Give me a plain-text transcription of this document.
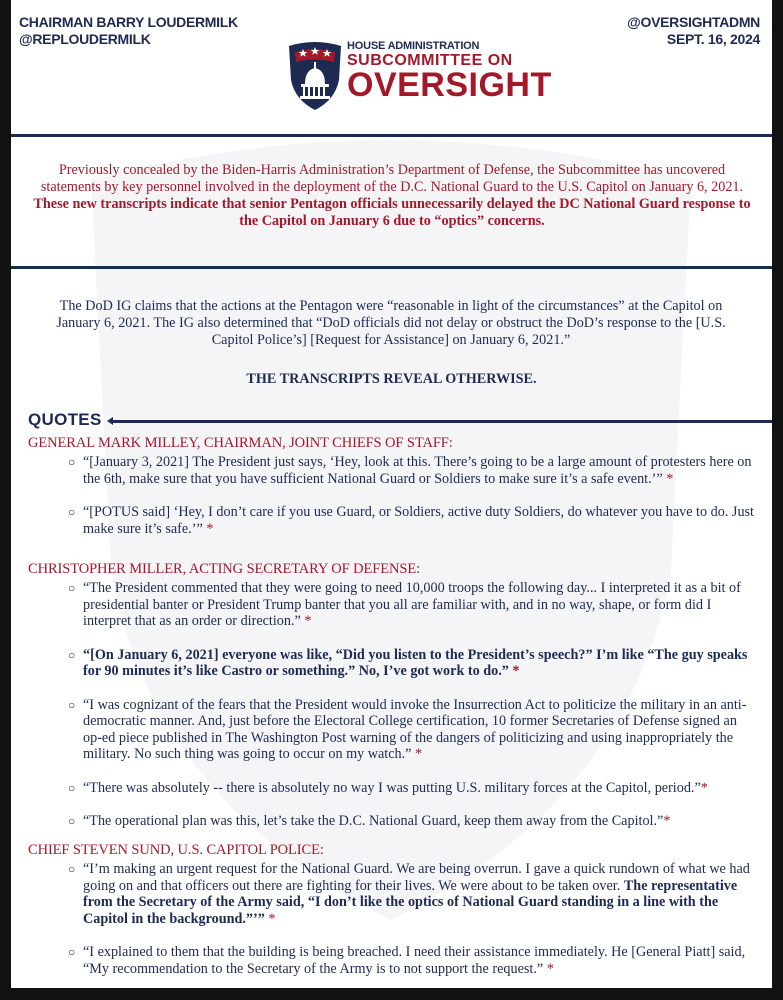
CHAIRMAN BARRY LOUDERMILK
@REPLOUDERMILK
@OVERSIGHTADMN
SEPT. 16, 2024
HOUSE ADMINISTRATION
SUBCOMMITTEE ON
OVERSIGHT
Previously concealed by the Biden-Harris Administration’s Department of Defense, the Subcommittee has uncovered statements by key personnel involved in the deployment of the D.C. National Guard to the U.S. Capitol on January 6, 2021. These new transcripts indicate that senior Pentagon officials unnecessarily delayed the DC National Guard response to the Capitol on January 6 due to “optics” concerns.
The DoD IG claims that the actions at the Pentagon were “reasonable in light of the circumstances” at the Capitol on January 6, 2021. The IG also determined that “DoD officials did not delay or obstruct the DoD’s response to the [U.S. Capitol Police’s] [Request for Assistance] on January 6, 2021.”
THE TRANSCRIPTS REVEAL OTHERWISE.
QUOTES
GENERAL MARK MILLEY, CHAIRMAN, JOINT CHIEFS OF STAFF:
○ “[January 3, 2021] The President just says, ‘Hey, look at this. There’s going to be a large amount of protesters here on the 6th, make sure that you have sufficient National Guard or Soldiers to make sure it’s a safe event.’” *
○ “[POTUS said] ‘Hey, I don’t care if you use Guard, or Soldiers, active duty Soldiers, do whatever you have to do. Just make sure it’s safe.’” *
CHRISTOPHER MILLER, ACTING SECRETARY OF DEFENSE:
○ “The President commented that they were going to need 10,000 troops the following day... I interpreted it as a bit of presidential banter or President Trump banter that you all are familiar with, and in no way, shape, or form did I interpret that as an order or direction.” *
○ “[On January 6, 2021] everyone was like, “Did you listen to the President’s speech?” I’m like “The guy speaks for 90 minutes it’s like Castro or something.” No, I’ve got work to do.” *
○ “I was cognizant of the fears that the President would invoke the Insurrection Act to politicize the military in an anti-democratic manner. And, just before the Electoral College certification, 10 former Secretaries of Defense signed an op-ed piece published in The Washington Post warning of the dangers of politicizing and using inappropriately the military. No such thing was going to occur on my watch.” *
○ “There was absolutely -- there is absolutely no way I was putting U.S. military forces at the Capitol, period.”*
○ “The operational plan was this, let’s take the D.C. National Guard, keep them away from the Capitol.”*
CHIEF STEVEN SUND, U.S. CAPITOL POLICE:
○ “I’m making an urgent request for the National Guard. We are being overrun. I gave a quick rundown of what we had going on and that officers out there are fighting for their lives. We were about to be taken over. The representative from the Secretary of the Army said, “I don’t like the optics of National Guard standing in a line with the Capitol in the background.”’” *
○ “I explained to them that the building is being breached. I need their assistance immediately. He [General Piatt] said, “My recommendation to the Secretary of the Army is to not support the request.” *
